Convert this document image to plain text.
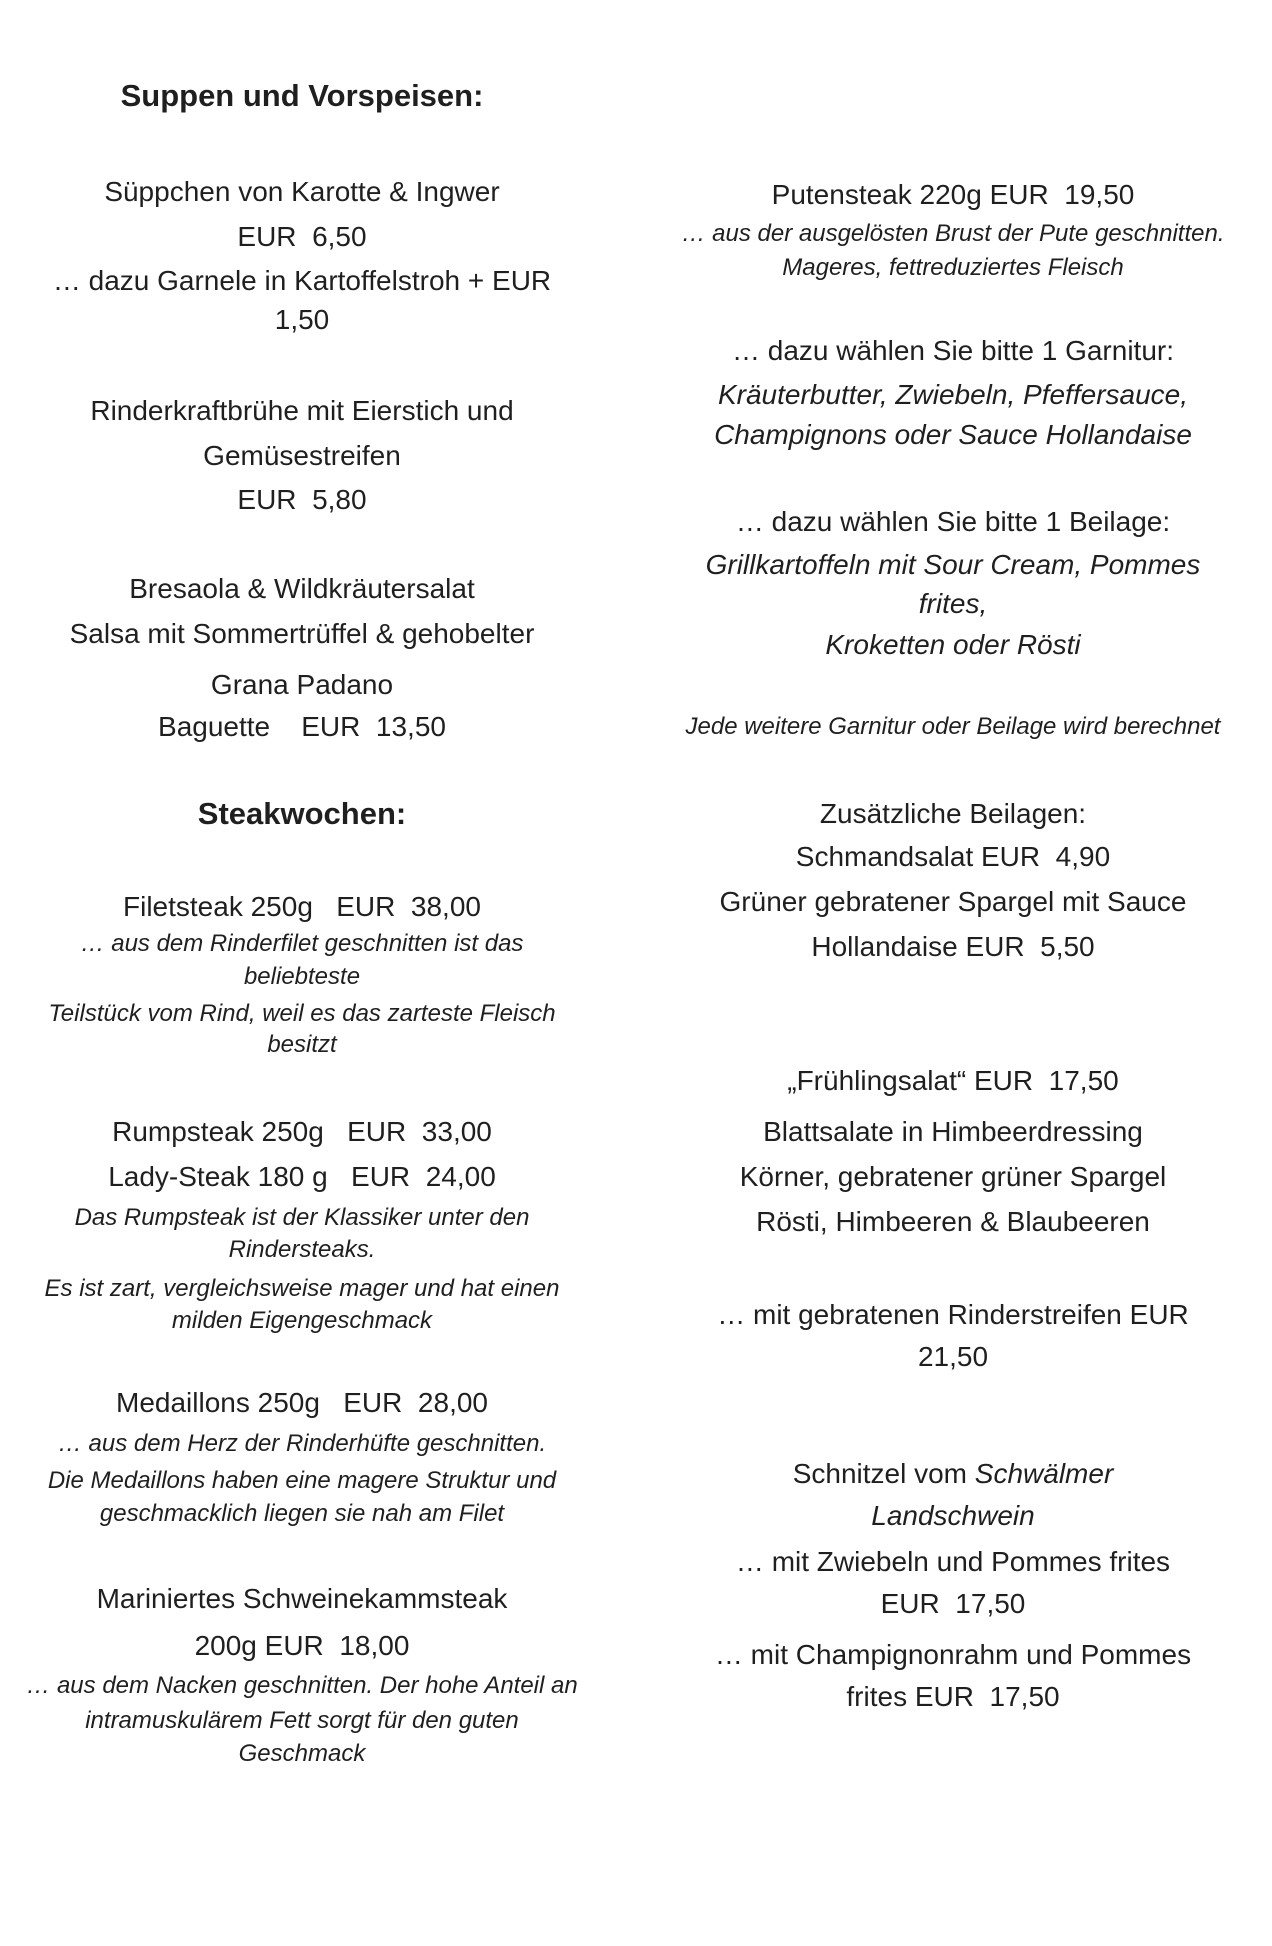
Suppen und Vorspeisen:
Süppchen von Karotte & Ingwer
EUR  6,50
… dazu Garnele in Kartoffelstroh + EUR
1,50
Rinderkraftbrühe mit Eierstich und
Gemüsestreifen
EUR  5,80
Bresaola & Wildkräutersalat
Salsa mit Sommertrüffel & gehobelter
Grana Padano
Baguette    EUR  13,50
Steakwochen:
Filetsteak 250g   EUR  38,00
… aus dem Rinderfilet geschnitten ist das
beliebteste
Teilstück vom Rind, weil es das zarteste Fleisch
besitzt
Rumpsteak 250g   EUR  33,00
Lady-Steak 180 g   EUR  24,00
Das Rumpsteak ist der Klassiker unter den
Rindersteaks.
Es ist zart, vergleichsweise mager und hat einen
milden Eigengeschmack
Medaillons 250g   EUR  28,00
… aus dem Herz der Rinderhüfte geschnitten.
Die Medaillons haben eine magere Struktur und
geschmacklich liegen sie nah am Filet
Mariniertes Schweinekammsteak
200g EUR  18,00
… aus dem Nacken geschnitten. Der hohe Anteil an
intramuskulärem Fett sorgt für den guten
Geschmack
Putensteak 220g EUR  19,50
… aus der ausgelösten Brust der Pute geschnitten.
Mageres, fettreduziertes Fleisch
… dazu wählen Sie bitte 1 Garnitur:
Kräuterbutter, Zwiebeln, Pfeffersauce,
Champignons oder Sauce Hollandaise
… dazu wählen Sie bitte 1 Beilage:
Grillkartoffeln mit Sour Cream, Pommes
frites,
Kroketten oder Rösti
Jede weitere Garnitur oder Beilage wird berechnet
Zusätzliche Beilagen:
Schmandsalat EUR  4,90
Grüner gebratener Spargel mit Sauce
Hollandaise EUR  5,50
„Frühlingsalat“ EUR  17,50
Blattsalate in Himbeerdressing
Körner, gebratener grüner Spargel
Rösti, Himbeeren & Blaubeeren
… mit gebratenen Rinderstreifen EUR
21,50
Schnitzel vom Schwälmer
Landschwein
… mit Zwiebeln und Pommes frites
EUR  17,50
… mit Champignonrahm und Pommes
frites EUR  17,50
